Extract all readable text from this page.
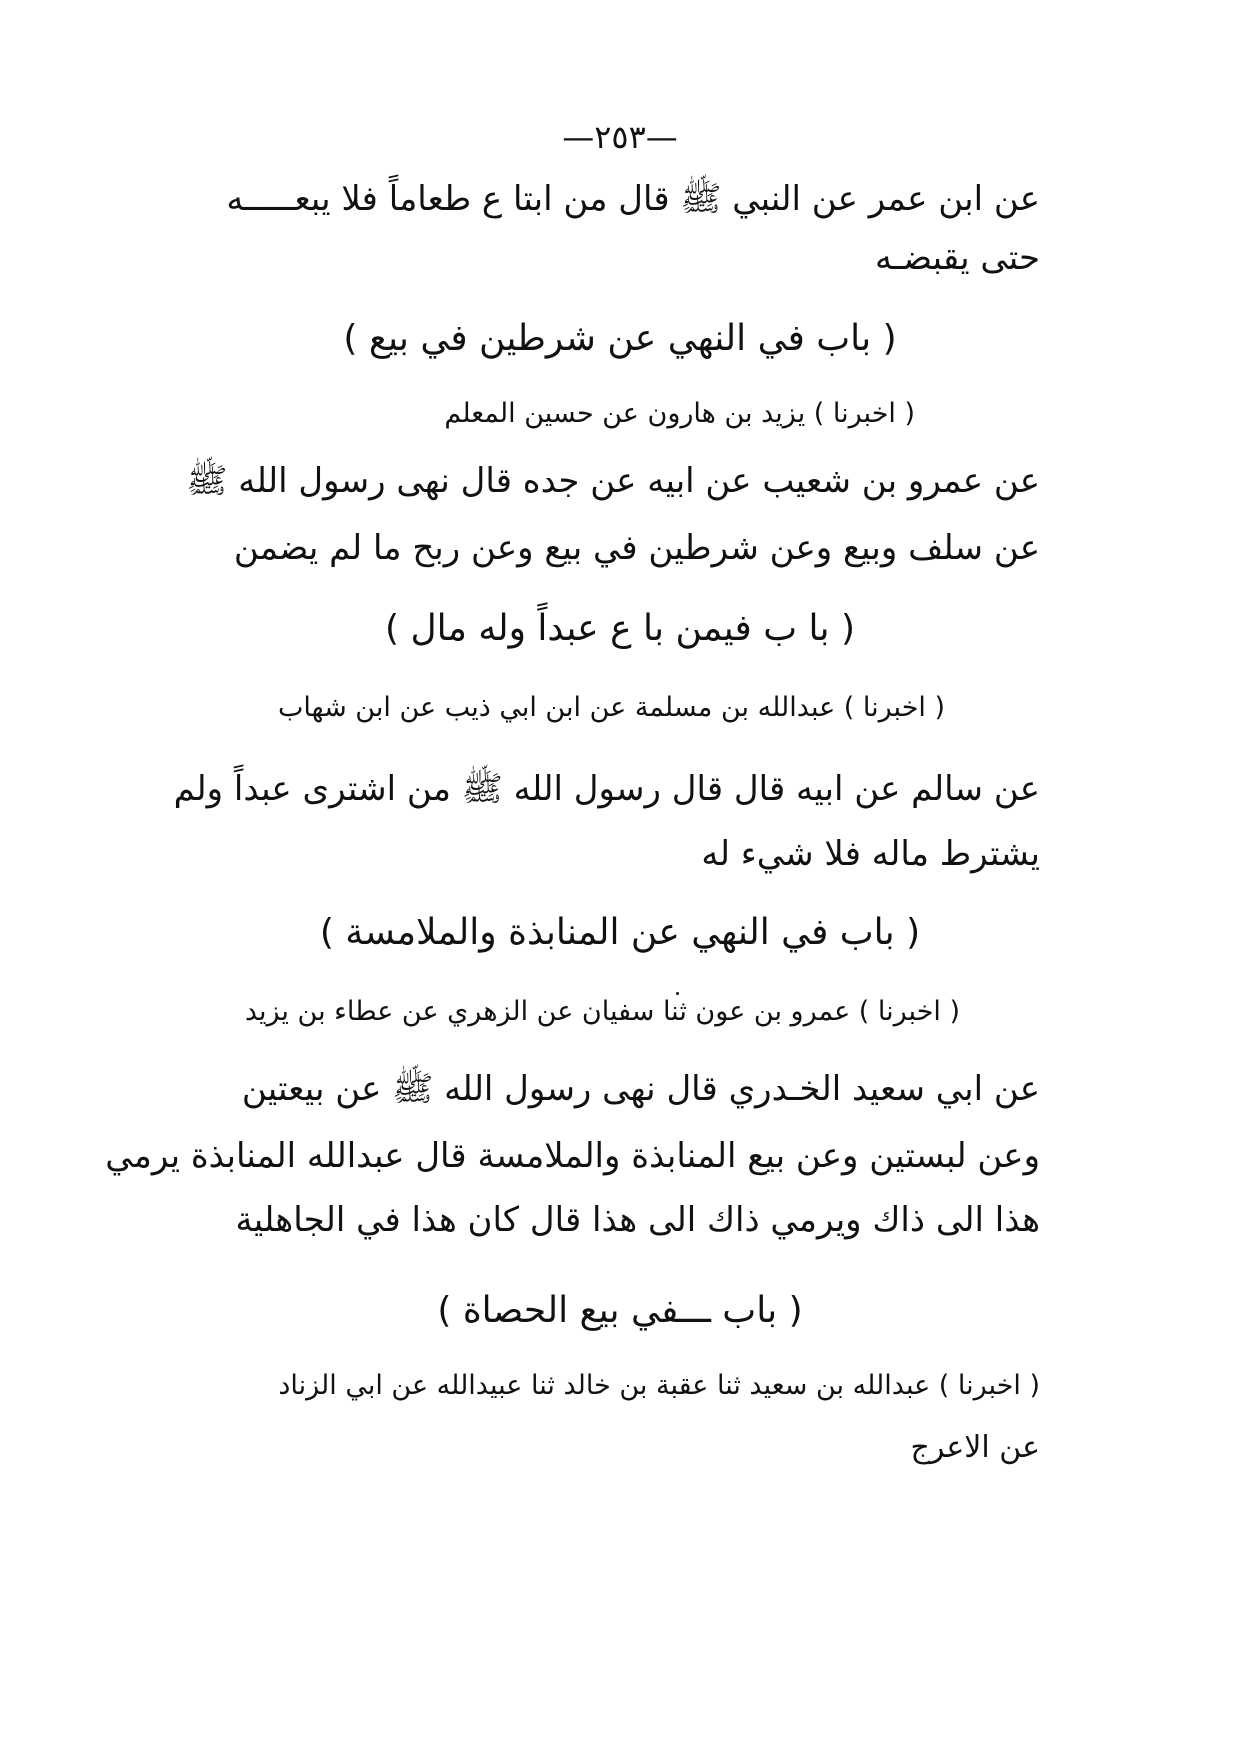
—٢٥٣—
عن ابن عمر عن النبي ﷺ قال من ابتا ع طعاماً فلا يبعـــــه
حتى يقبضـه
( باب في النهي عن شرطين في بيع )
( اخبرنا ) يزيد بن هارون عن حسين المعلم
عن عمرو بن شعيب عن ابيه عن جده قال نهى رسول الله ﷺ
عن سلف وبيع وعن شرطين في بيع وعن ربح ما لم يضمن
( با ب فيمن با ع عبداً وله مال )
( اخبرنا ) عبدالله بن مسلمة عن ابن ابي ذيب عن ابن شهاب
عن سالم عن ابيه قال قال رسول الله ﷺ من اشترى عبداً ولم
يشترط ماله فلا شيء له
( باب في النهي عن المنابذة والملامسة )
( اخبرنا ) عمرو بن عون ثنا سفيان عن الزهري عن عطاء بن يزيد
عن ابي سعيد الخـدري قال نهى رسول الله ﷺ عن بيعتين
وعن لبستين وعن بيع المنابذة والملامسة قال عبدالله المنابذة يرمي
هذا الى ذاك ويرمي ذاك الى هذا قال كان هذا في الجاهلية
( باب ـــفي بيع الحصاة )
( اخبرنا ) عبدالله بن سعيد ثنا عقبة بن خالد ثنا عبيدالله عن ابي الزناد
عن الاعرج
